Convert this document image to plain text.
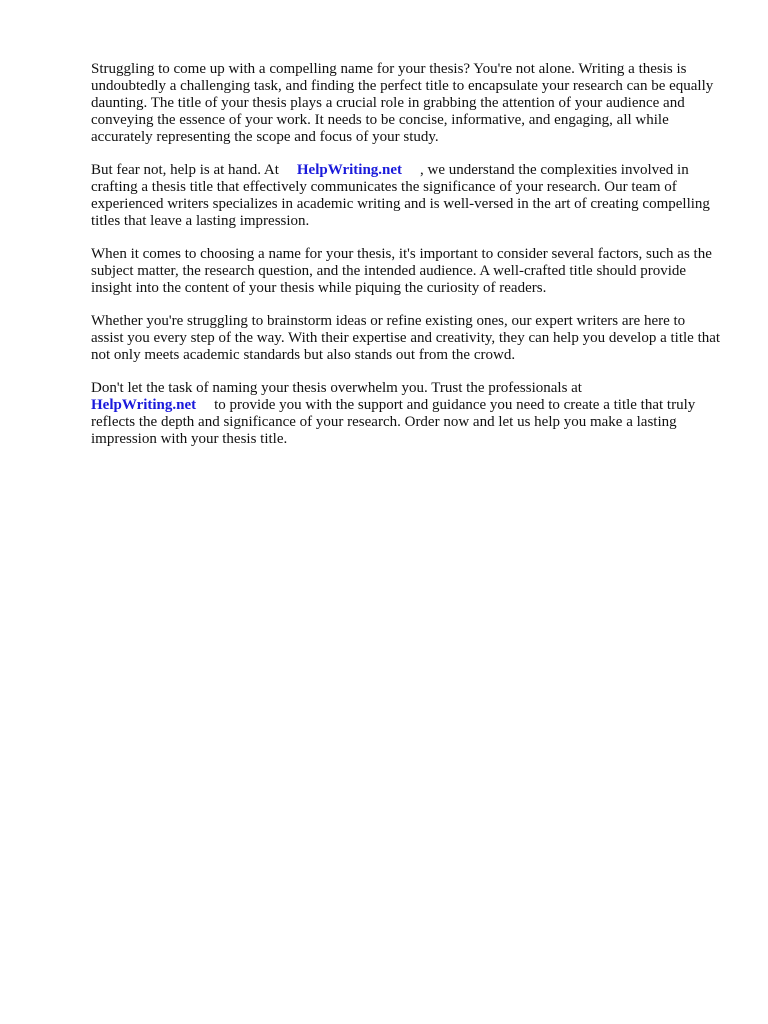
Struggling to come up with a compelling name for your thesis? You're not alone. Writing a thesis is undoubtedly a challenging task, and finding the perfect title to encapsulate your research can be equally daunting. The title of your thesis plays a crucial role in grabbing the attention of your audience and conveying the essence of your work. It needs to be concise, informative, and engaging, all while accurately representing the scope and focus of your study.

But fear not, help is at hand. At HelpWriting.net , we understand the complexities involved in crafting a thesis title that effectively communicates the significance of your research. Our team of experienced writers specializes in academic writing and is well-versed in the art of creating compelling titles that leave a lasting impression.

When it comes to choosing a name for your thesis, it's important to consider several factors, such as the subject matter, the research question, and the intended audience. A well-crafted title should provide insight into the content of your thesis while piquing the curiosity of readers.

Whether you're struggling to brainstorm ideas or refine existing ones, our expert writers are here to assist you every step of the way. With their expertise and creativity, they can help you develop a title that not only meets academic standards but also stands out from the crowd.

Don't let the task of naming your thesis overwhelm you. Trust the professionals at
HelpWriting.net to provide you with the support and guidance you need to create a title that truly reflects the depth and significance of your research. Order now and let us help you make a lasting impression with your thesis title.
